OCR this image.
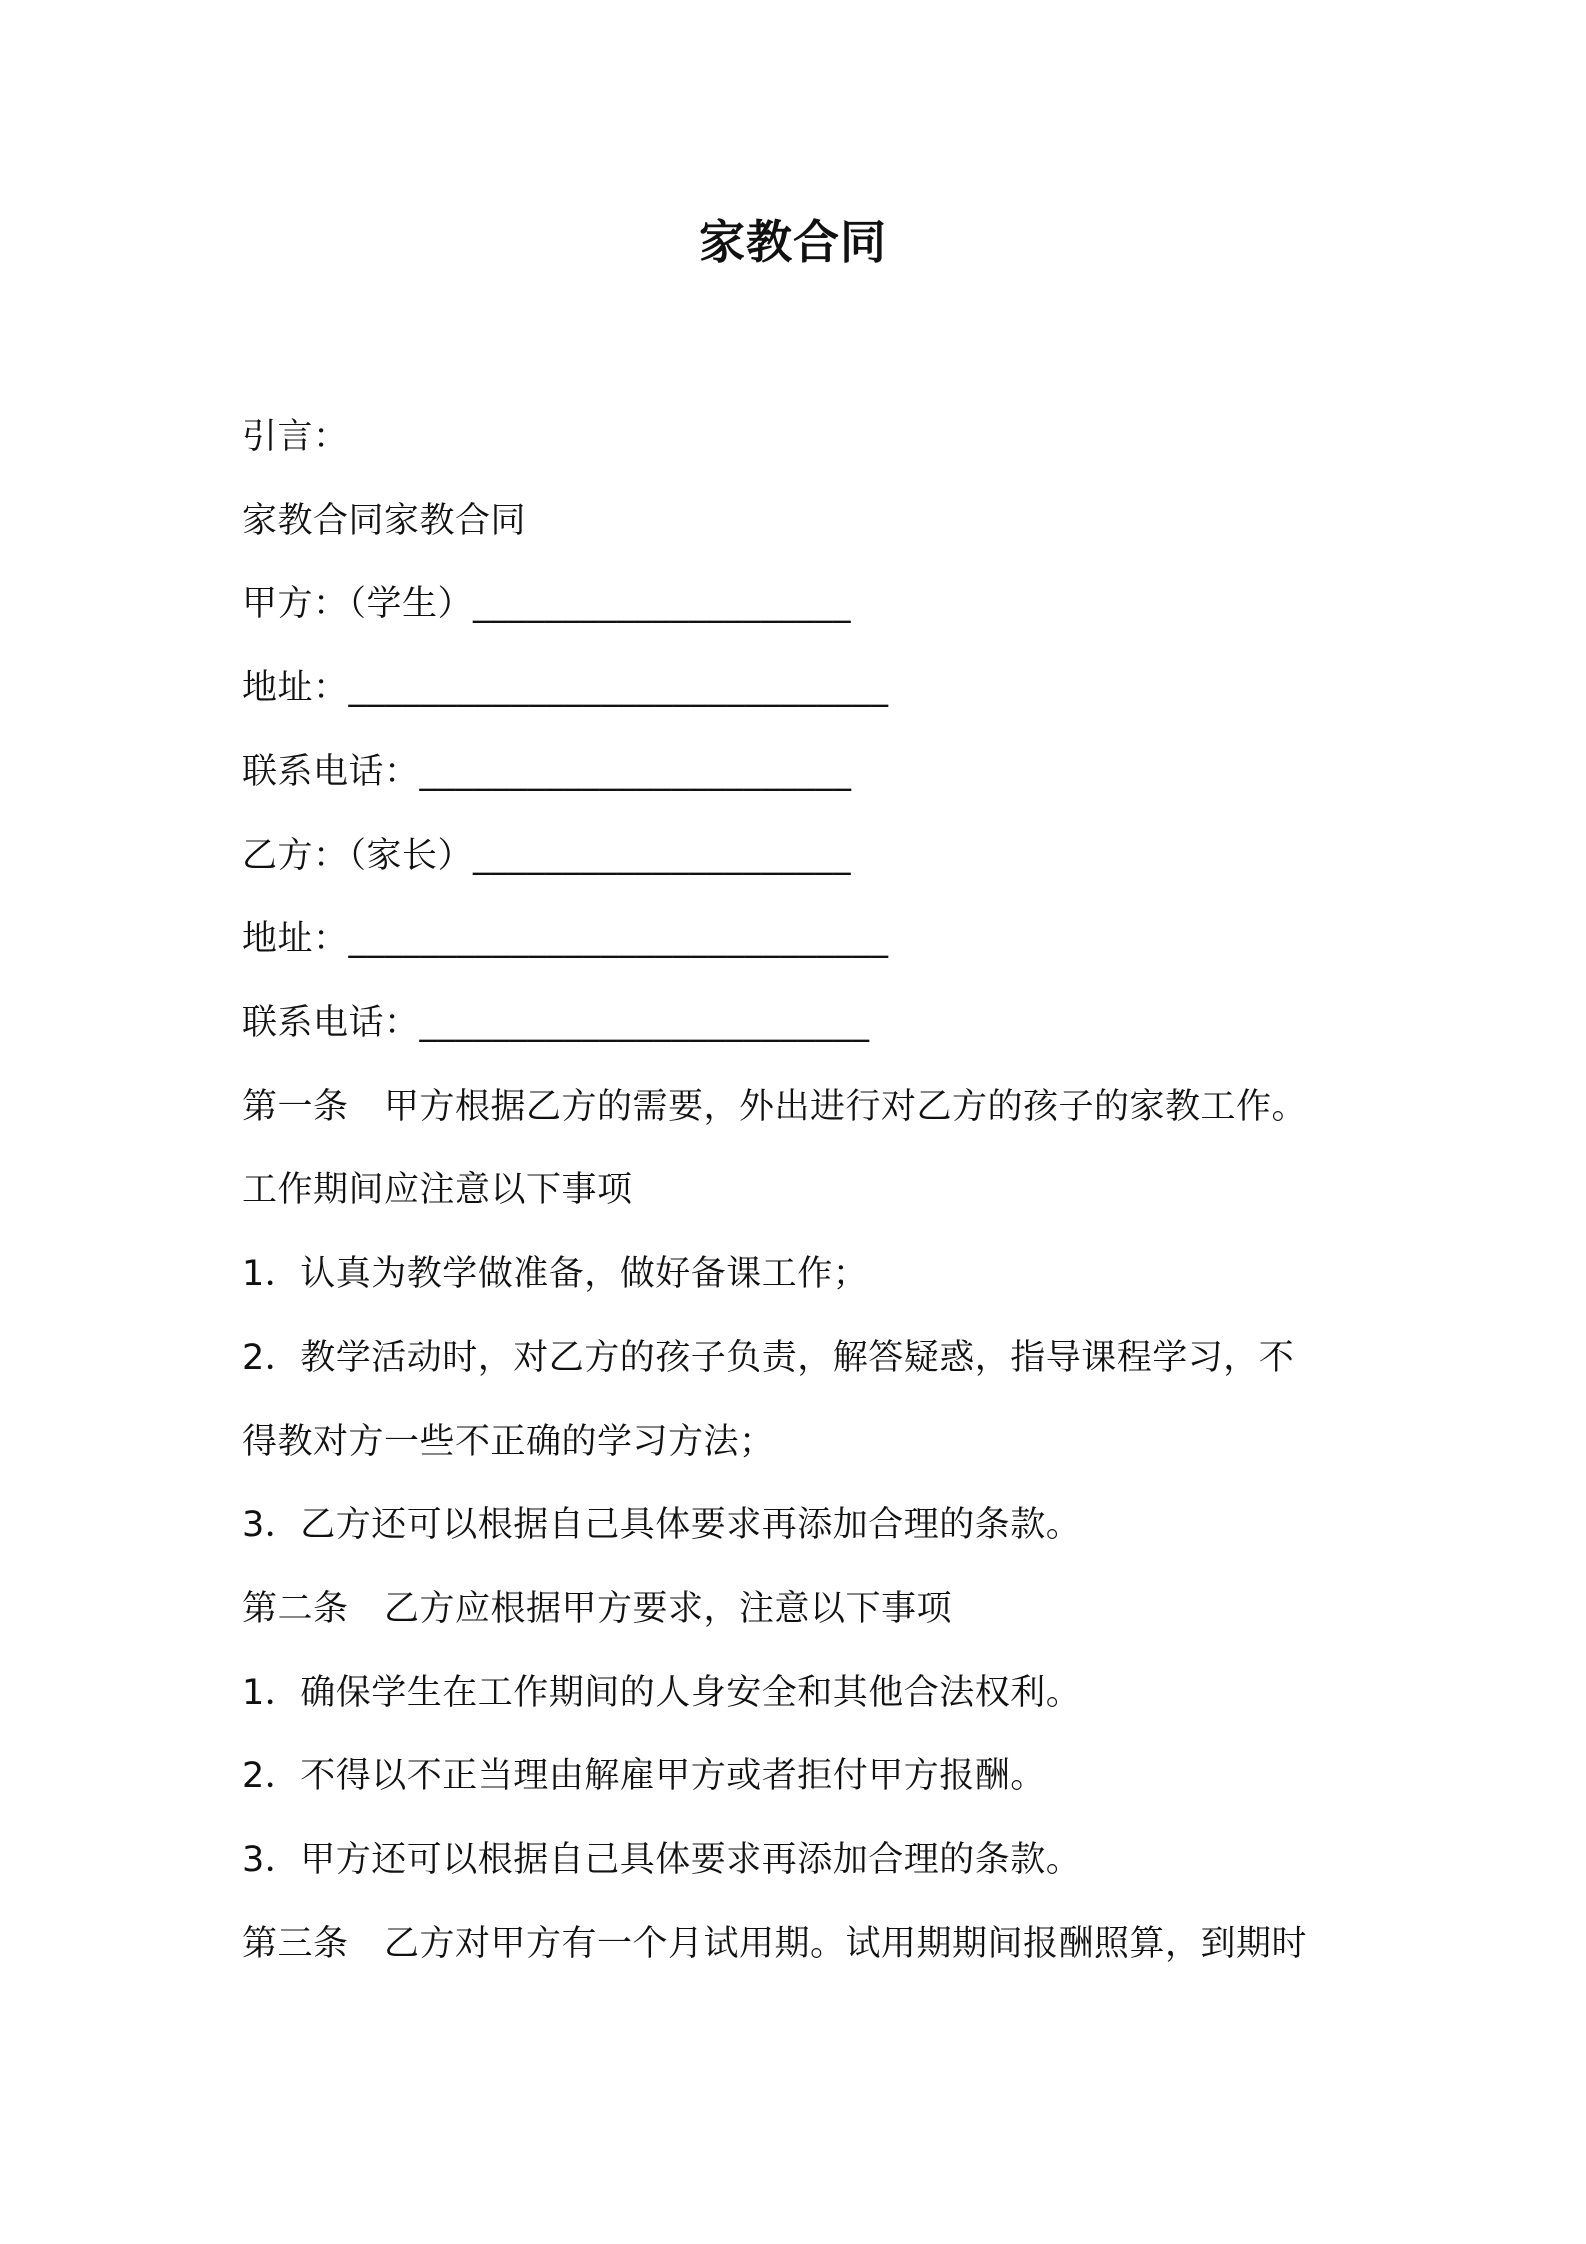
家教合同
引言：
家教合同家教合同
甲方：（学生）_____________________
地址：______________________________
联系电话：________________________
乙方：（家长）_____________________
地址：______________________________
联系电话：_________________________
第一条　甲方根据乙方的需要，外出进行对乙方的孩子的家教工作。
工作期间应注意以下事项
1．认真为教学做准备，做好备课工作；
2．教学活动时，对乙方的孩子负责，解答疑惑，指导课程学习，不
得教对方一些不正确的学习方法；
3．乙方还可以根据自己具体要求再添加合理的条款。
第二条　乙方应根据甲方要求，注意以下事项
1．确保学生在工作期间的人身安全和其他合法权利。
2．不得以不正当理由解雇甲方或者拒付甲方报酬。
3．甲方还可以根据自己具体要求再添加合理的条款。
第三条　乙方对甲方有一个月试用期。试用期期间报酬照算，到期时
